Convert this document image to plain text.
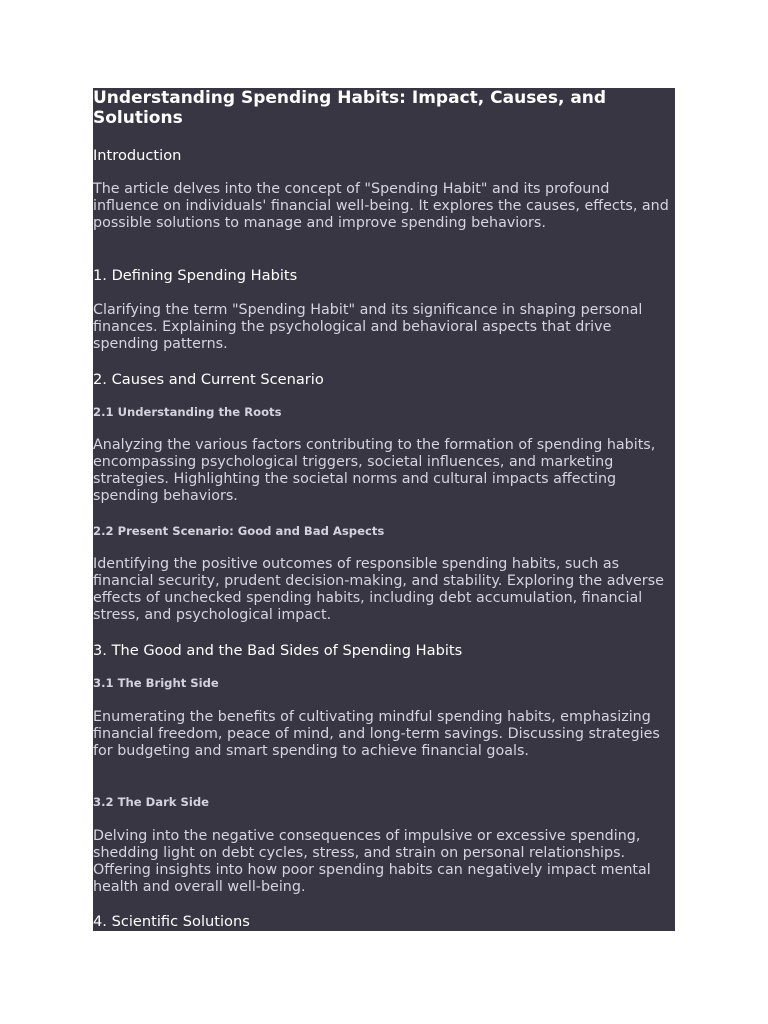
Understanding Spending Habits: Impact, Causes, and Solutions
Introduction

The article delves into the concept of "Spending Habit" and its profound influence on individuals' financial well-being. It explores the causes, effects, and possible solutions to manage and improve spending behaviors.

1. Defining Spending Habits

Clarifying the term "Spending Habit" and its significance in shaping personal finances. Explaining the psychological and behavioral aspects that drive spending patterns.

2. Causes and Current Scenario
2.1 Understanding the Roots

Analyzing the various factors contributing to the formation of spending habits, encompassing psychological triggers, societal influences, and marketing strategies. Highlighting the societal norms and cultural impacts affecting spending behaviors.

2.2 Present Scenario: Good and Bad Aspects

Identifying the positive outcomes of responsible spending habits, such as financial security, prudent decision-making, and stability. Exploring the adverse effects of unchecked spending habits, including debt accumulation, financial stress, and psychological impact.

3. The Good and the Bad Sides of Spending Habits
3.1 The Bright Side

Enumerating the benefits of cultivating mindful spending habits, emphasizing financial freedom, peace of mind, and long-term savings. Discussing strategies for budgeting and smart spending to achieve financial goals.

3.2 The Dark Side

Delving into the negative consequences of impulsive or excessive spending, shedding light on debt cycles, stress, and strain on personal relationships. Offering insights into how poor spending habits can negatively impact mental health and overall well-being.

4. Scientific Solutions
